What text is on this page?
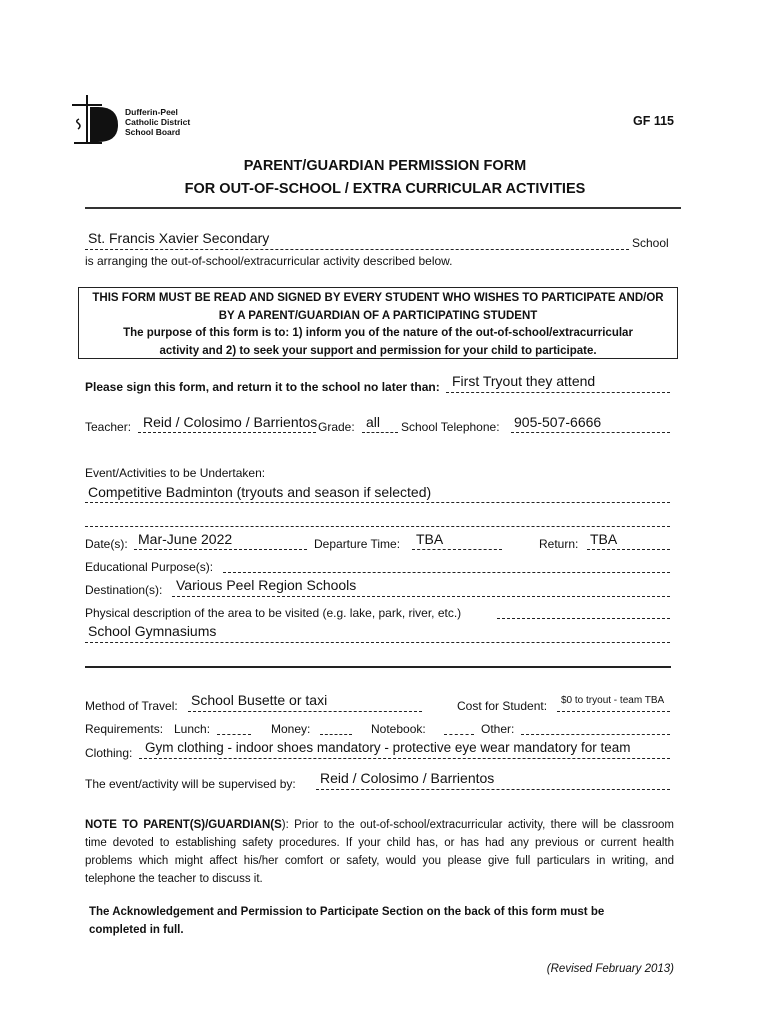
Dufferin-Peel
Catholic District
School Board
GF 115
PARENT/GUARDIAN PERMISSION FORM
FOR OUT-OF-SCHOOL / EXTRA CURRICULAR ACTIVITIES
St. Francis Xavier Secondary	School
is arranging the out-of-school/extracurricular activity described below.
THIS FORM MUST BE READ AND SIGNED BY EVERY STUDENT WHO WISHES TO PARTICIPATE AND/OR
BY A PARENT/GUARDIAN OF A PARTICIPATING STUDENT
The purpose of this form is to: 1) inform you of the nature of the out-of-school/extracurricular
activity and 2) to seek your support and permission for your child to participate.
Please sign this form, and return it to the school no later than: First Tryout they attend
Teacher: Reid / Colosimo / Barrientos Grade: all School Telephone: 905-507-6666
Event/Activities to be Undertaken:
Competitive Badminton (tryouts and season if selected)
Date(s): Mar-June 2022	Departure Time: TBA	Return: TBA
Educational Purpose(s):
Destination(s): Various Peel Region Schools
Physical description of the area to be visited (e.g. lake, park, river, etc.)
School Gymnasiums
Method of Travel: School Busette or taxi	Cost for Student: $0 to tryout - team TBA
Requirements: Lunch:	Money:	Notebook:	Other:
Clothing: Gym clothing - indoor shoes mandatory - protective eye wear mandatory for team
The event/activity will be supervised by: Reid / Colosimo / Barrientos
NOTE TO PARENT(S)/GUARDIAN(S): Prior to the out-of-school/extracurricular activity, there will be classroom time devoted to establishing safety procedures. If your child has, or has had any previous or current health problems which might affect his/her comfort or safety, would you please give full particulars in writing, and telephone the teacher to discuss it.
The Acknowledgement and Permission to Participate Section on the back of this form must be completed in full.
(Revised February 2013)
